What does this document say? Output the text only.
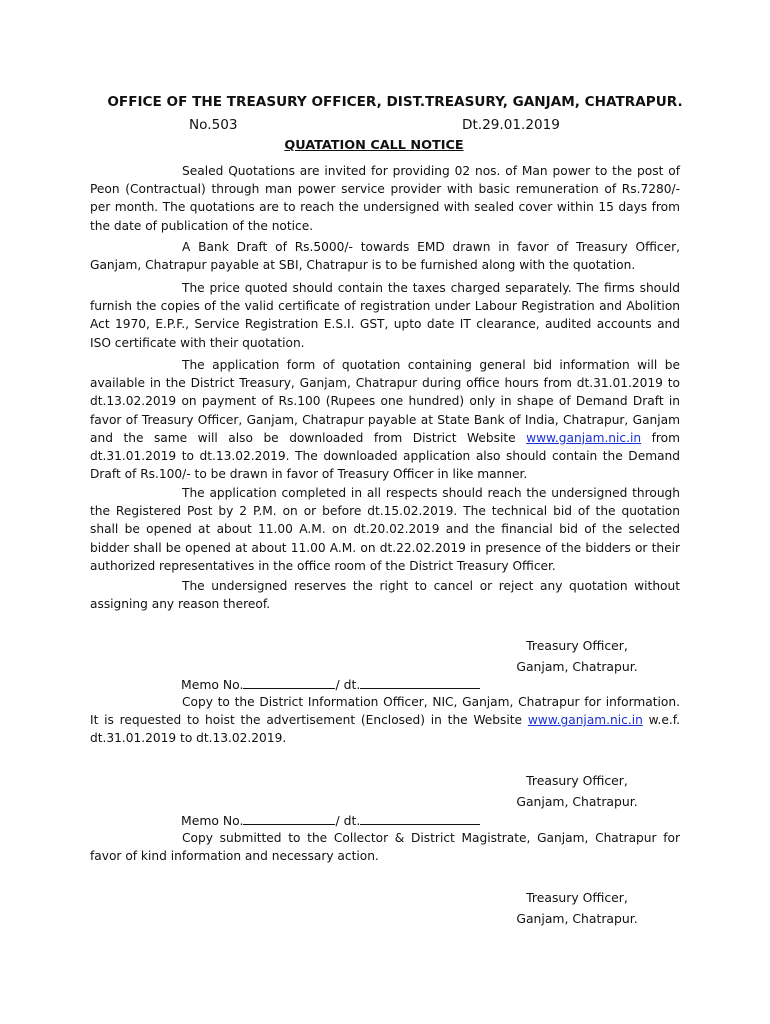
OFFICE OF THE TREASURY OFFICER, DIST.TREASURY, GANJAM, CHATRAPUR.
No.503	Dt.29.01.2019
QUATATION CALL NOTICE

Sealed Quotations are invited for providing 02 nos. of Man power to the post of Peon (Contractual) through man power service provider with basic remuneration of Rs.7280/- per month. The quotations are to reach the undersigned with sealed cover within 15 days from the date of publication of the notice.

A Bank Draft of Rs.5000/- towards EMD drawn in favor of Treasury Officer, Ganjam, Chatrapur payable at SBI, Chatrapur is to be furnished along with the quotation.

The price quoted should contain the taxes charged separately. The firms should furnish the copies of the valid certificate of registration under Labour Registration and Abolition Act 1970, E.P.F., Service Registration E.S.I. GST, upto date IT clearance, audited accounts and ISO certificate with their quotation.

The application form of quotation containing general bid information will be available in the District Treasury, Ganjam, Chatrapur during office hours from dt.31.01.2019 to dt.13.02.2019 on payment of Rs.100 (Rupees one hundred) only in shape of Demand Draft in favor of Treasury Officer, Ganjam, Chatrapur payable at State Bank of India, Chatrapur, Ganjam and the same will also be downloaded from District Website www.ganjam.nic.in from dt.31.01.2019 to dt.13.02.2019. The downloaded application also should contain the Demand Draft of Rs.100/- to be drawn in favor of Treasury Officer in like manner.

The application completed in all respects should reach the undersigned through the Registered Post by 2 P.M. on or before dt.15.02.2019. The technical bid of the quotation shall be opened at about 11.00 A.M. on dt.20.02.2019 and the financial bid of the selected bidder shall be opened at about 11.00 A.M. on dt.22.02.2019 in presence of the bidders or their authorized representatives in the office room of the District Treasury Officer.

The undersigned reserves the right to cancel or reject any quotation without assigning any reason thereof.

Treasury Officer,
Ganjam, Chatrapur.
Memo No.	/ dt.

Copy to the District Information Officer, NIC, Ganjam, Chatrapur for information. It is requested to hoist the advertisement (Enclosed) in the Website www.ganjam.nic.in w.e.f. dt.31.01.2019 to dt.13.02.2019.

Treasury Officer,
Ganjam, Chatrapur.
Memo No.	/ dt.

Copy submitted to the Collector & District Magistrate, Ganjam, Chatrapur for favor of kind information and necessary action.

Treasury Officer,
Ganjam, Chatrapur.
